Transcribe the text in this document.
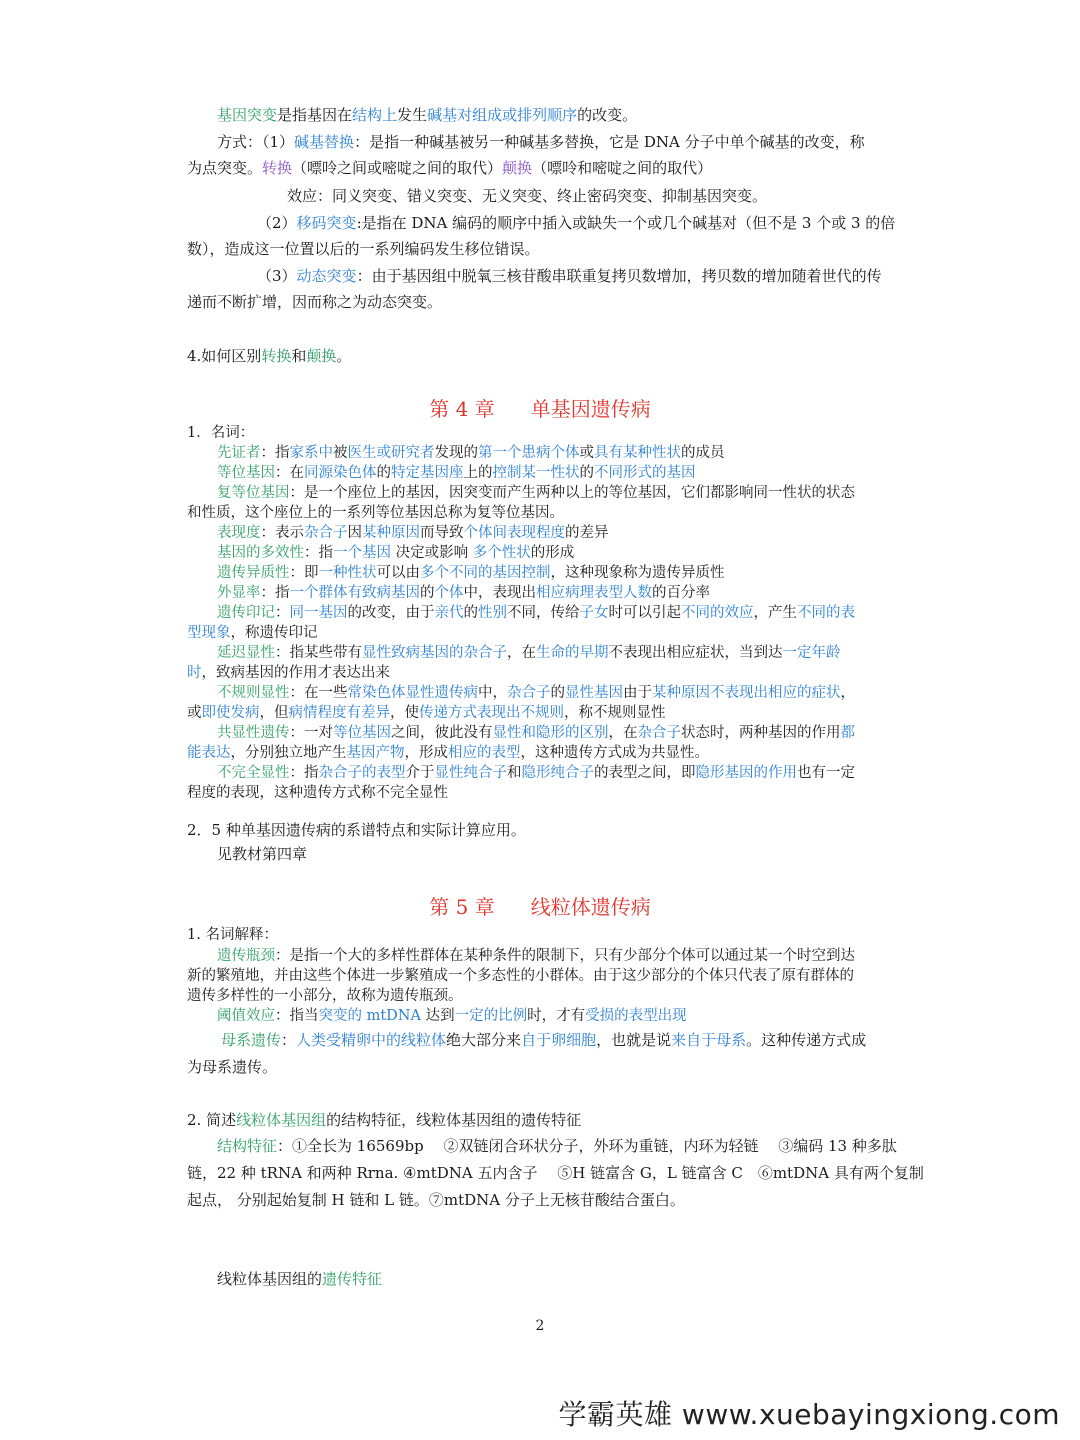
基因突变是指基因在结构上发生碱基对组成或排列顺序的改变。
方式：（1）碱基替换：是指一种碱基被另一种碱基多替换，它是 DNA 分子中单个碱基的改变，称
为点突变。转换（嘌呤之间或嘧啶之间的取代）颠换（嘌呤和嘧啶之间的取代）
效应：同义突变、错义突变、无义突变、终止密码突变、抑制基因突变。
（2）移码突变:是指在 DNA 编码的顺序中插入或缺失一个或几个碱基对（但不是 3 个或 3 的倍
数），造成这一位置以后的一系列编码发生移位错误。
（3）动态突变：由于基因组中脱氧三核苷酸串联重复拷贝数增加，拷贝数的增加随着世代的传
递而不断扩增，因而称之为动态突变。
4.如何区别转换和颠换。
第 4 章 单基因遗传病
1．名词：
先证者：指家系中被医生或研究者发现的第一个患病个体或具有某种性状的成员
等位基因：在同源染色体的特定基因座上的控制某一性状的不同形式的基因
复等位基因：是一个座位上的基因，因突变而产生两种以上的等位基因，它们都影响同一性状的状态
和性质，这个座位上的一系列等位基因总称为复等位基因。
表现度：表示杂合子因某种原因而导致个体间表现程度的差异
基因的多效性：指一个基因 决定或影响 多个性状的形成
遗传异质性：即一种性状可以由多个不同的基因控制，这种现象称为遗传异质性
外显率：指一个群体有致病基因的个体中，表现出相应病理表型人数的百分率
遗传印记：同一基因的改变，由于亲代的性别不同，传给子女时可以引起不同的效应，产生不同的表
型现象，称遗传印记
延迟显性：指某些带有显性致病基因的杂合子，在生命的早期不表现出相应症状，当到达一定年龄
时，致病基因的作用才表达出来
不规则显性：在一些常染色体显性遗传病中，杂合子的显性基因由于某种原因不表现出相应的症状，
或即使发病，但病情程度有差异，使传递方式表现出不规则，称不规则显性
共显性遗传：一对等位基因之间，彼此没有显性和隐形的区别，在杂合子状态时，两种基因的作用都
能表达，分别独立地产生基因产物，形成相应的表型，这种遗传方式成为共显性。
不完全显性：指杂合子的表型介于显性纯合子和隐形纯合子的表型之间，即隐形基因的作用也有一定
程度的表现，这种遗传方式称不完全显性
2．5 种单基因遗传病的系谱特点和实际计算应用。
见教材第四章
第 5 章 线粒体遗传病
1. 名词解释：
遗传瓶颈：是指一个大的多样性群体在某种条件的限制下，只有少部分个体可以通过某一个时空到达
新的繁殖地，并由这些个体进一步繁殖成一个多态性的小群体。由于这少部分的个体只代表了原有群体的
遗传多样性的一小部分，故称为遗传瓶颈。
阈值效应：指当突变的 mtDNA 达到一定的比例时，才有受损的表型出现
母系遗传：人类受精卵中的线粒体绝大部分来自于卵细胞，也就是说来自于母系。这种传递方式成
为母系遗传。
2. 简述线粒体基因组的结构特征，线粒体基因组的遗传特征
结构特征：①全长为 16569bp　 ②双链闭合环状分子，外环为重链，内环为轻链　 ③编码 13 种多肽
链，22 种 tRNA 和两种 Rrna. ④mtDNA 五内含子　 ⑤H 链富含 G，L 链富含 C　⑥mtDNA 具有两个复制
起点， 分别起始复制 H 链和 L 链。⑦mtDNA 分子上无核苷酸结合蛋白。
线粒体基因组的遗传特征
2
学霸英雄 www.xuebayingxiong.com
